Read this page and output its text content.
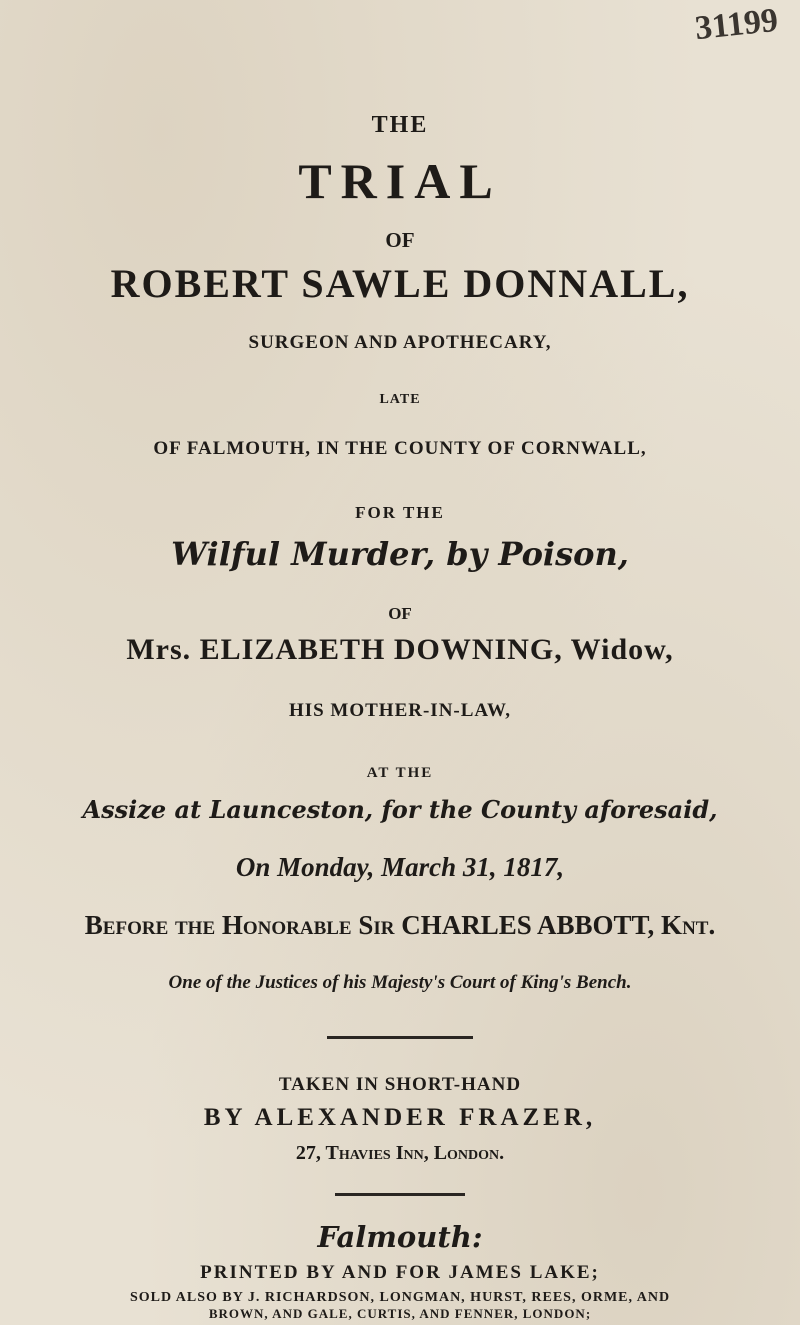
31199
THE
TRIAL
OF
ROBERT SAWLE DONNALL,
SURGEON AND APOTHECARY,
LATE
OF FALMOUTH, IN THE COUNTY OF CORNWALL,
FOR THE
Wilful Murder, by Poison,
OF
Mrs. ELIZABETH DOWNING, Widow,
HIS MOTHER-IN-LAW,
AT THE
Assize at Launceston, for the County aforesaid,
On Monday, March 31, 1817,
Before the Honorable Sir CHARLES ABBOTT, Knt.
One of the Justices of his Majesty's Court of King's Bench.
TAKEN IN SHORT-HAND
BY ALEXANDER FRAZER,
27, Thavies Inn, London.
Falmouth:
PRINTED BY AND FOR JAMES LAKE;
SOLD ALSO BY J. RICHARDSON, LONGMAN, HURST, REES, ORME, AND
BROWN, AND GALE, CURTIS, AND FENNER, LONDON;
